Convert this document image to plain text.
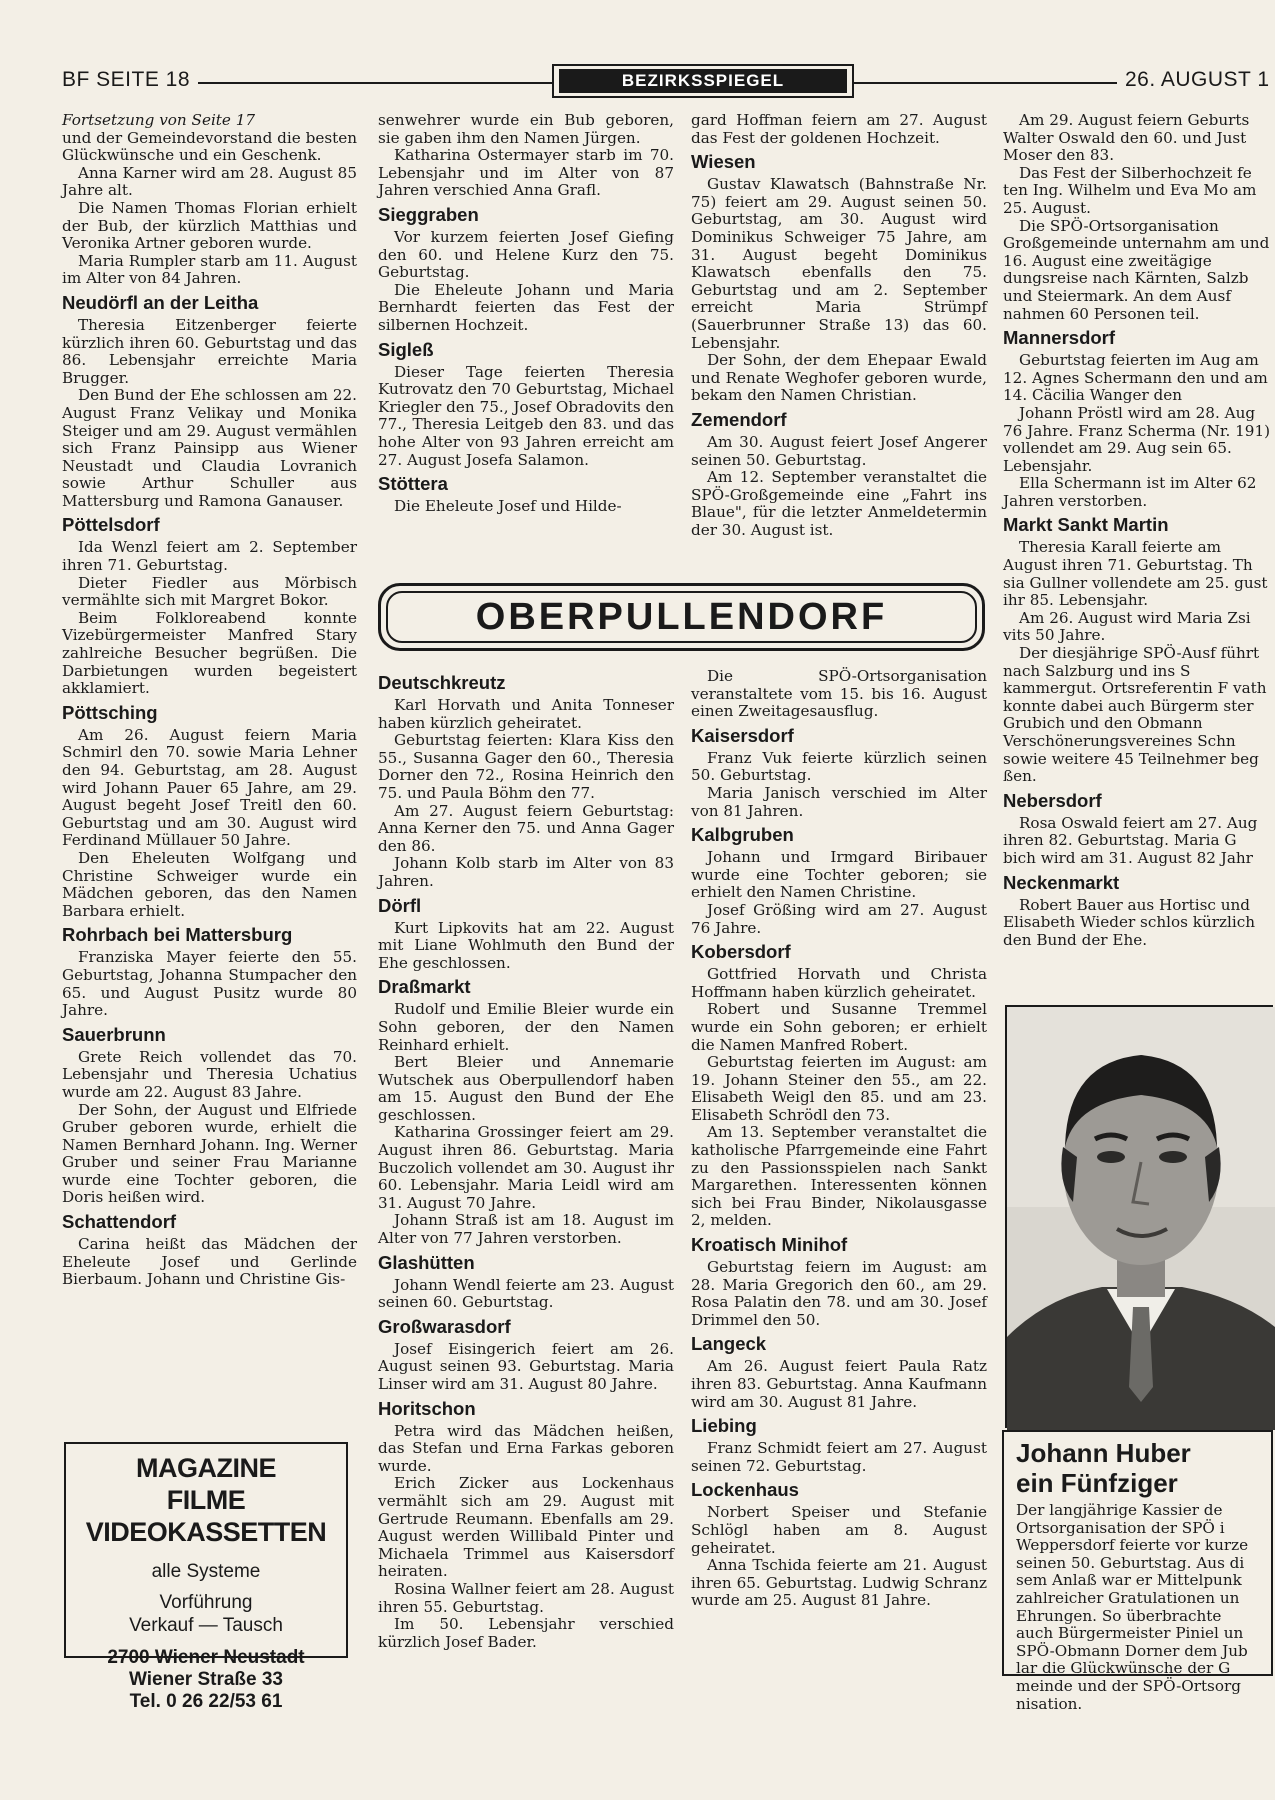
BF SEITE 18	BEZIRKSSPIEGEL	26. AUGUST 1

Fortsetzung von Seite 17

und der Gemeindevorstand die besten Glückwünsche und ein Geschenk.

Anna Karner wird am 28. August 85 Jahre alt.

Die Namen Thomas Florian erhielt der Bub, der kürzlich Matthias und Veronika Artner geboren wurde.

Maria Rumpler starb am 11. August im Alter von 84 Jahren.

Neudörfl an der Leitha

Theresia Eitzenberger feierte kürzlich ihren 60. Geburtstag und das 86. Lebensjahr erreichte Maria Brugger.

Den Bund der Ehe schlossen am 22. August Franz Velikay und Monika Steiger und am 29. August vermählen sich Franz Painsipp aus Wiener Neustadt und Claudia Lovranich sowie Arthur Schuller aus Mattersburg und Ramona Ganauser.

Pöttelsdorf

Ida Wenzl feiert am 2. September ihren 71. Geburtstag.

Dieter Fiedler aus Mörbisch vermählte sich mit Margret Bokor.

Beim Folkloreabend konnte Vizebürgermeister Manfred Stary zahlreiche Besucher begrüßen. Die Darbietungen wurden begeistert akklamiert.

Pöttsching

Am 26. August feiern Maria Schmirl den 70. sowie Maria Lehner den 94. Geburtstag, am 28. August wird Johann Pauer 65 Jahre, am 29. August begeht Josef Treitl den 60. Geburtstag und am 30. August wird Ferdinand Müllauer 50 Jahre.

Den Eheleuten Wolfgang und Christine Schweiger wurde ein Mädchen geboren, das den Namen Barbara erhielt.

Rohrbach bei Mattersburg

Franziska Mayer feierte den 55. Geburtstag, Johanna Stumpacher den 65. und August Pusitz wurde 80 Jahre.

Sauerbrunn

Grete Reich vollendet das 70. Lebensjahr und Theresia Uchatius wurde am 22. August 83 Jahre.

Der Sohn, der August und Elfriede Gruber geboren wurde, erhielt die Namen Bernhard Johann. Ing. Werner Gruber und seiner Frau Marianne wurde eine Tochter geboren, die Doris heißen wird.

Schattendorf

Carina heißt das Mädchen der Eheleute Josef und Gerlinde Bierbaum. Johann und Christine Gis-

MAGAZINE
FILME
VIDEOKASSETTEN
alle Systeme
Vorführung
Verkauf — Tausch
2700 Wiener Neustadt
Wiener Straße 33
Tel. 0 26 22/53 61

senwehrer wurde ein Bub geboren, sie gaben ihm den Namen Jürgen.

Katharina Ostermayer starb im 70. Lebensjahr und im Alter von 87 Jahren verschied Anna Grafl.

Sieggraben

Vor kurzem feierten Josef Giefing den 60. und Helene Kurz den 75. Geburtstag.

Die Eheleute Johann und Maria Bernhardt feierten das Fest der silbernen Hochzeit.

Sigleß

Dieser Tage feierten Theresia Kutrovatz den 70 Geburtstag, Michael Kriegler den 75., Josef Obradovits den 77., Theresia Leitgeb den 83. und das hohe Alter von 93 Jahren erreicht am 27. August Josefa Salamon.

Stöttera

Die Eheleute Josef und Hilde-

gard Hoffman feiern am 27. August das Fest der goldenen Hochzeit.

Wiesen

Gustav Klawatsch (Bahnstraße Nr. 75) feiert am 29. August seinen 50. Geburtstag, am 30. August wird Dominikus Schweiger 75 Jahre, am 31. August begeht Dominikus Klawatsch ebenfalls den 75. Geburtstag und am 2. September erreicht Maria Strümpf (Sauerbrunner Straße 13) das 60. Lebensjahr.

Der Sohn, der dem Ehepaar Ewald und Renate Weghofer geboren wurde, bekam den Namen Christian.

Zemendorf

Am 30. August feiert Josef Angerer seinen 50. Geburtstag.

Am 12. September veranstaltet die SPÖ-Großgemeinde eine „Fahrt ins Blaue", für die letzter Anmeldetermin der 30. August ist.

Am 29. August feiern Geburts Walter Oswald den 60. und Just Moser den 83.

Das Fest der Silberhochzeit fe ten Ing. Wilhelm und Eva Mo am 25. August.

Die SPÖ-Ortsorganisation Großgemeinde unternahm am und 16. August eine zweitägige dungsreise nach Kärnten, Salzb und Steiermark. An dem Ausf nahmen 60 Personen teil.

Mannersdorf

Geburtstag feierten im Aug am 12. Agnes Schermann den und am 14. Cäcilia Wanger den

Johann Pröstl wird am 28. Aug 76 Jahre. Franz Scherma (Nr. 191) vollendet am 29. Aug sein 65. Lebensjahr.

Ella Schermann ist im Alter 62 Jahren verstorben.

Markt Sankt Martin

Theresia Karall feierte am August ihren 71. Geburtstag. Th sia Gullner vollendete am 25. gust ihr 85. Lebensjahr.

Am 26. August wird Maria Zsi vits 50 Jahre.

Der diesjährige SPÖ-Ausf führt nach Salzburg und ins S kammergut. Ortsreferentin F vath konnte dabei auch Bürgerm ster Grubich und den Obmann Verschönerungsvereines Schn sowie weitere 45 Teilnehmer beg ßen.

Nebersdorf

Rosa Oswald feiert am 27. Aug ihren 82. Geburtstag. Maria G bich wird am 31. August 82 Jahr

Neckenmarkt

Robert Bauer aus Hortisc und Elisabeth Wieder schlos kürzlich den Bund der Ehe.

OBERPULLENDORF
Deutschkreutz

Karl Horvath und Anita Tonneser haben kürzlich geheiratet.

Geburtstag feierten: Klara Kiss den 55., Susanna Gager den 60., Theresia Dorner den 72., Rosina Heinrich den 75. und Paula Böhm den 77.

Am 27. August feiern Geburtstag: Anna Kerner den 75. und Anna Gager den 86.

Johann Kolb starb im Alter von 83 Jahren.

Dörfl

Kurt Lipkovits hat am 22. August mit Liane Wohlmuth den Bund der Ehe geschlossen.

Draßmarkt

Rudolf und Emilie Bleier wurde ein Sohn geboren, der den Namen Reinhard erhielt.

Bert Bleier und Annemarie Wutschek aus Oberpullendorf haben am 15. August den Bund der Ehe geschlossen.

Katharina Grossinger feiert am 29. August ihren 86. Geburtstag. Maria Buczolich vollendet am 30. August ihr 60. Lebensjahr. Maria Leidl wird am 31. August 70 Jahre.

Johann Straß ist am 18. August im Alter von 77 Jahren verstorben.

Glashütten

Johann Wendl feierte am 23. August seinen 60. Geburtstag.

Großwarasdorf

Josef Eisingerich feiert am 26. August seinen 93. Geburtstag. Maria Linser wird am 31. August 80 Jahre.

Horitschon

Petra wird das Mädchen heißen, das Stefan und Erna Farkas geboren wurde.

Erich Zicker aus Lockenhaus vermählt sich am 29. August mit Gertrude Reumann. Ebenfalls am 29. August werden Willibald Pinter und Michaela Trimmel aus Kaisersdorf heiraten.

Rosina Wallner feiert am 28. August ihren 55. Geburtstag.

Im 50. Lebensjahr verschied kürzlich Josef Bader.

Die SPÖ-Ortsorganisation veranstaltete vom 15. bis 16. August einen Zweitagesausflug.

Kaisersdorf

Franz Vuk feierte kürzlich seinen 50. Geburtstag.

Maria Janisch verschied im Alter von 81 Jahren.

Kalbgruben

Johann und Irmgard Biribauer wurde eine Tochter geboren; sie erhielt den Namen Christine.

Josef Größing wird am 27. August 76 Jahre.

Kobersdorf

Gottfried Horvath und Christa Hoffmann haben kürzlich geheiratet.

Robert und Susanne Tremmel wurde ein Sohn geboren; er erhielt die Namen Manfred Robert.

Geburtstag feierten im August: am 19. Johann Steiner den 55., am 22. Elisabeth Weigl den 85. und am 23. Elisabeth Schrödl den 73.

Am 13. September veranstaltet die katholische Pfarrgemeinde eine Fahrt zu den Passionsspielen nach Sankt Margarethen. Interessenten können sich bei Frau Binder, Nikolausgasse 2, melden.

Kroatisch Minihof

Geburtstag feiern im August: am 28. Maria Gregorich den 60., am 29. Rosa Palatin den 78. und am 30. Josef Drimmel den 50.

Langeck

Am 26. August feiert Paula Ratz ihren 83. Geburtstag. Anna Kaufmann wird am 30. August 81 Jahre.

Liebing

Franz Schmidt feiert am 27. August seinen 72. Geburtstag.

Lockenhaus

Norbert Speiser und Stefanie Schlögl haben am 8. August geheiratet.

Anna Tschida feierte am 21. August ihren 65. Geburtstag. Ludwig Schranz wurde am 25. August 81 Jahre.

Johann Huber
ein Fünfziger

Der langjährige Kassier de

Ortsorganisation der SPÖ i

Weppersdorf feierte vor kurze

seinen 50. Geburtstag. Aus di

sem Anlaß war er Mittelpunk

zahlreicher Gratulationen un

Ehrungen. So überbrachte

auch Bürgermeister Piniel un

SPÖ-Obmann Dorner dem Jub

lar die Glückwünsche der G

meinde und der SPÖ-Ortsorg

nisation.
